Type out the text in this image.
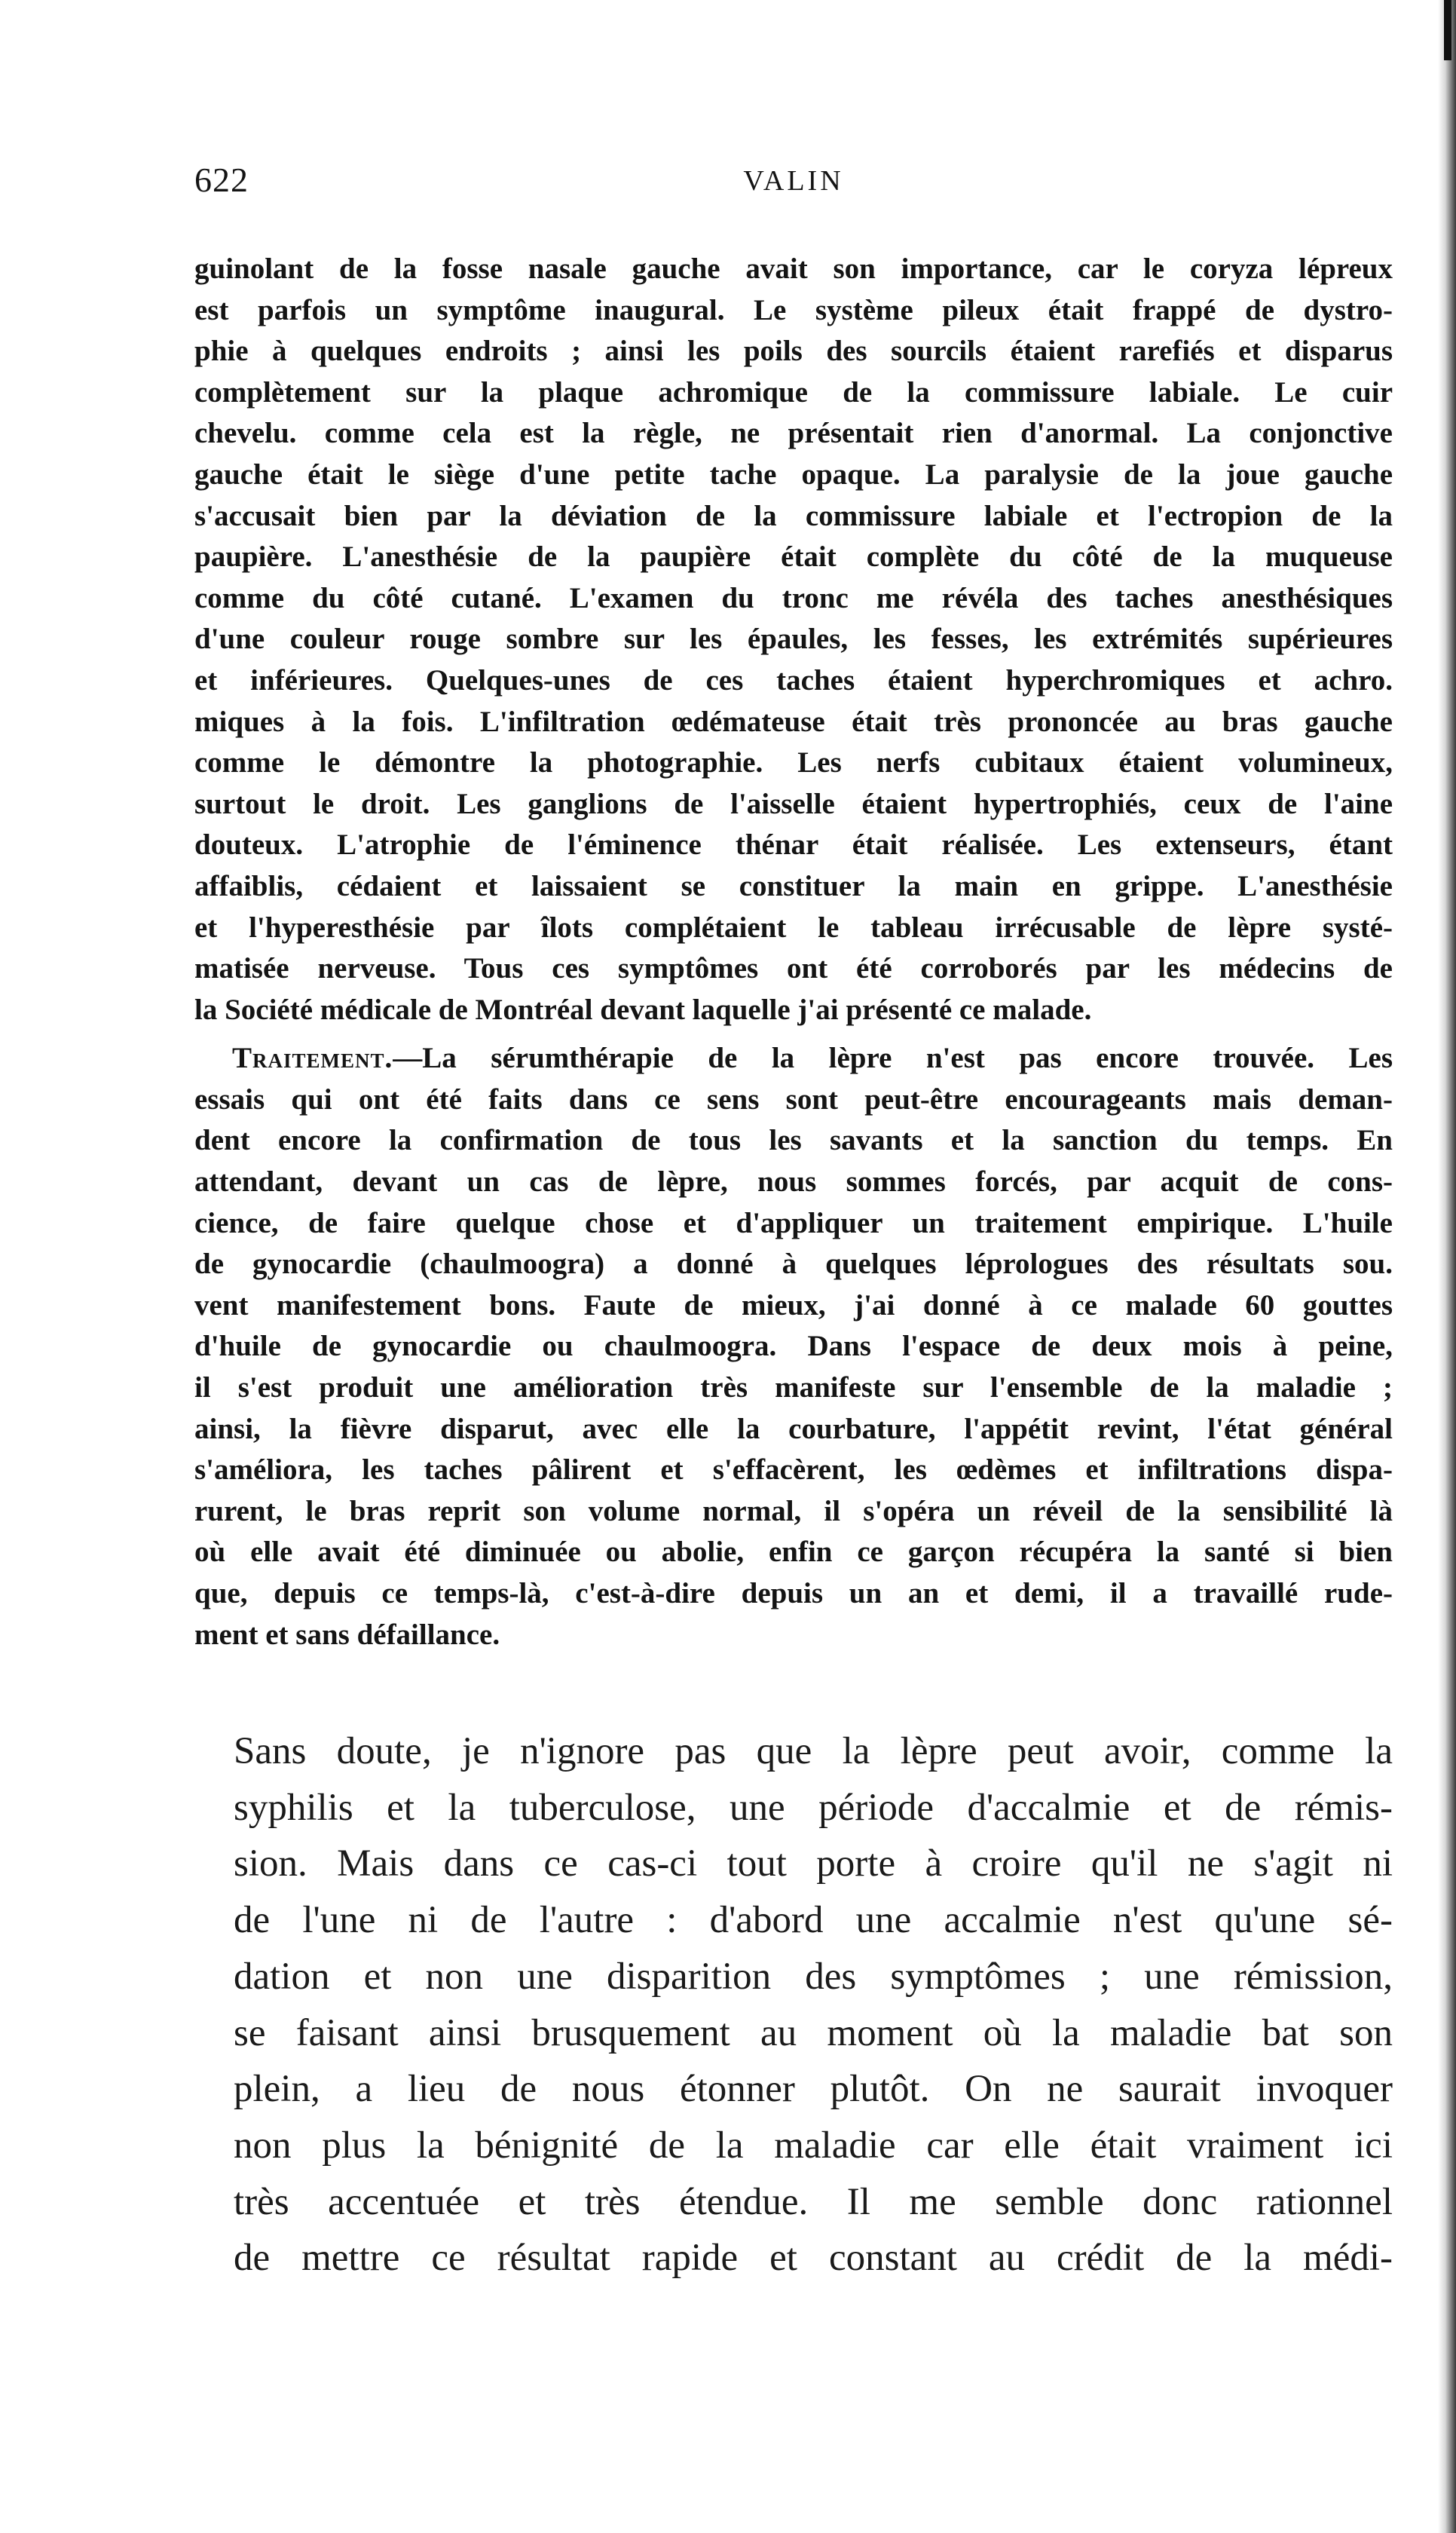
622	VALIN

guinolant de la fosse nasale gauche avait son importance, car le coryza lépreux
est parfois un symptôme inaugural. Le système pileux était frappé de dystro-
phie à quelques endroits ; ainsi les poils des sourcils étaient rarefiés et disparus
complètement sur la plaque achromique de la commissure labiale. Le cuir
chevelu. comme cela est la règle, ne présentait rien d'anormal. La conjonctive
gauche était le siège d'une petite tache opaque. La paralysie de la joue gauche
s'accusait bien par la déviation de la commissure labiale et l'ectropion de la
paupière. L'anesthésie de la paupière était complète du côté de la muqueuse
comme du côté cutané. L'examen du tronc me révéla des taches anesthésiques
d'une couleur rouge sombre sur les épaules, les fesses, les extrémités supérieures
et inférieures. Quelques-unes de ces taches étaient hyperchromiques et achro.
miques à la fois. L'infiltration œdémateuse était très prononcée au bras gauche
comme le démontre la photographie. Les nerfs cubitaux étaient volumineux,
surtout le droit. Les ganglions de l'aisselle étaient hypertrophiés, ceux de l'aine
douteux. L'atrophie de l'éminence thénar était réalisée. Les extenseurs, étant
affaiblis, cédaient et laissaient se constituer la main en grippe. L'anesthésie
et l'hyperesthésie par îlots complétaient le tableau irrécusable de lèpre systé-
matisée nerveuse. Tous ces symptômes ont été corroborés par les médecins de
la Société médicale de Montréal devant laquelle j'ai présenté ce malade.

Traitement.—La sérumthérapie de la lèpre n'est pas encore trouvée. Les
essais qui ont été faits dans ce sens sont peut-être encourageants mais deman-
dent encore la confirmation de tous les savants et la sanction du temps. En
attendant, devant un cas de lèpre, nous sommes forcés, par acquit de cons-
cience, de faire quelque chose et d'appliquer un traitement empirique. L'huile
de gynocardie (chaulmoogra) a donné à quelques léprologues des résultats sou.
vent manifestement bons. Faute de mieux, j'ai donné à ce malade 60 gouttes
d'huile de gynocardie ou chaulmoogra. Dans l'espace de deux mois à peine,
il s'est produit une amélioration très manifeste sur l'ensemble de la maladie ;
ainsi, la fièvre disparut, avec elle la courbature, l'appétit revint, l'état général
s'améliora, les taches pâlirent et s'effacèrent, les œdèmes et infiltrations dispa-
rurent, le bras reprit son volume normal, il s'opéra un réveil de la sensibilité là
où elle avait été diminuée ou abolie, enfin ce garçon récupéra la santé si bien
que, depuis ce temps-là, c'est-à-dire depuis un an et demi, il a travaillé rude-
ment et sans défaillance.

Sans doute, je n'ignore pas que la lèpre peut avoir, comme la
syphilis et la tuberculose, une période d'accalmie et de rémis-
sion. Mais dans ce cas-ci tout porte à croire qu'il ne s'agit ni
de l'une ni de l'autre : d'abord une accalmie n'est qu'une sé-
dation et non une disparition des symptômes ; une rémission,
se faisant ainsi brusquement au moment où la maladie bat son
plein, a lieu de nous étonner plutôt. On ne saurait invoquer
non plus la bénignité de la maladie car elle était vraiment ici
très accentuée et très étendue. Il me semble donc rationnel
de mettre ce résultat rapide et constant au crédit de la médi-
